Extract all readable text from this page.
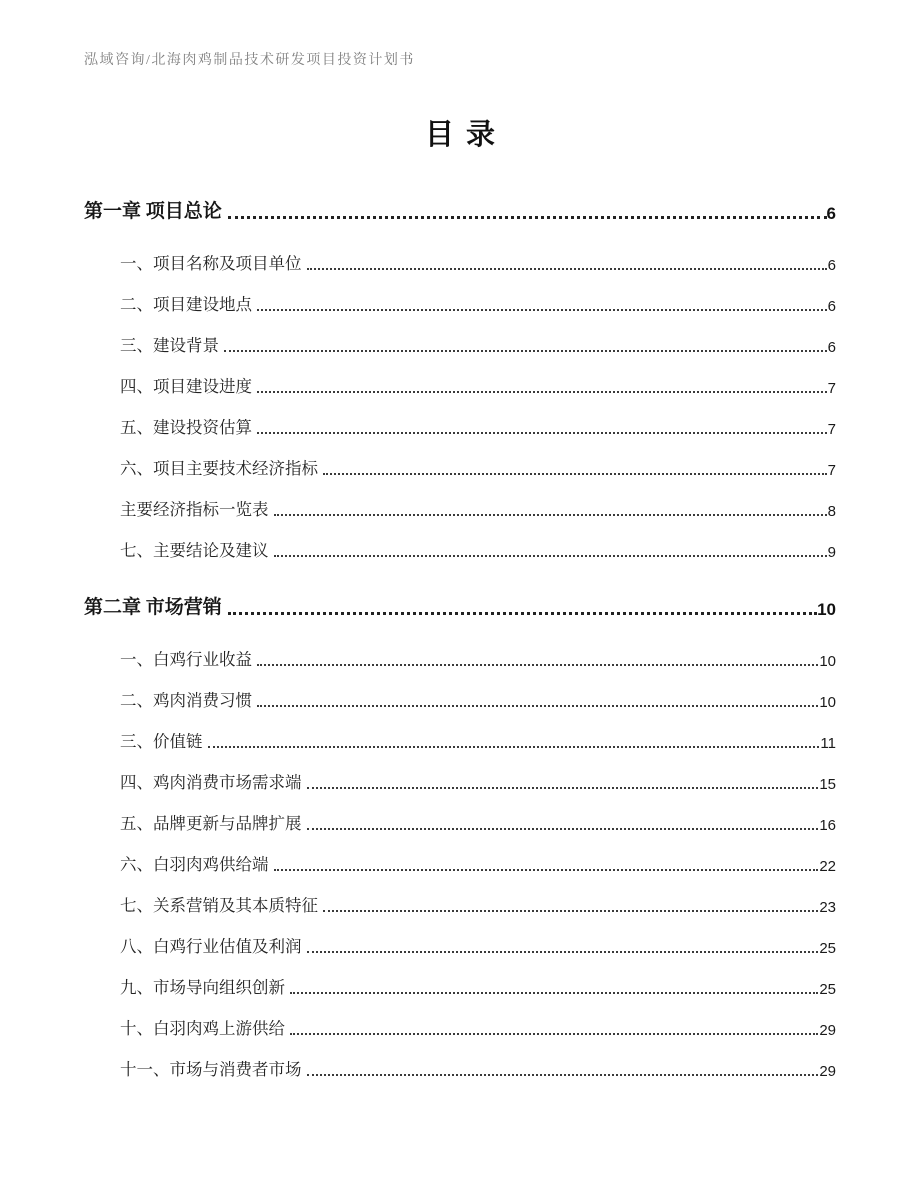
泓域咨询/北海肉鸡制品技术研发项目投资计划书
目录
第一章 项目总论	6
一、项目名称及项目单位	6
二、项目建设地点	6
三、建设背景	6
四、项目建设进度	7
五、建设投资估算	7
六、项目主要技术经济指标	7
主要经济指标一览表	8
七、主要结论及建议	9
第二章 市场营销	10
一、白鸡行业收益	10
二、鸡肉消费习惯	10
三、价值链	11
四、鸡肉消费市场需求端	15
五、品牌更新与品牌扩展	16
六、白羽肉鸡供给端	22
七、关系营销及其本质特征	23
八、白鸡行业估值及利润	25
九、市场导向组织创新	25
十、白羽肉鸡上游供给	29
十一、市场与消费者市场	29
